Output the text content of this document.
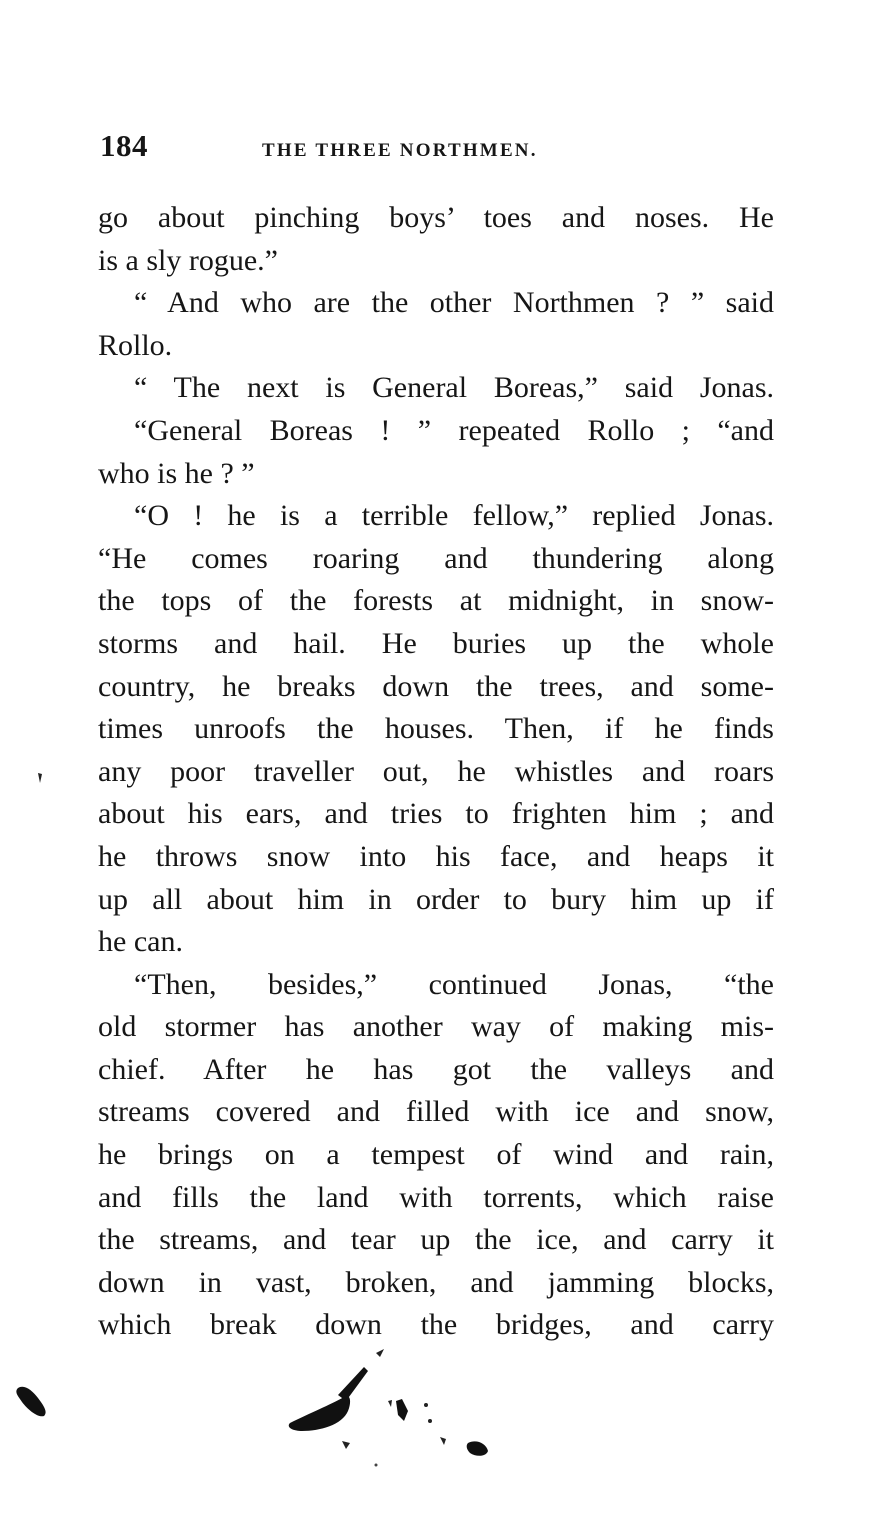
184	THE THREE NORTHMEN.
go about pinching boys’ toes and noses. He
is a sly rogue.”
“ And who are the other Northmen ? ” said
Rollo.
“ The next is General Boreas,” said Jonas.
“General Boreas ! ” repeated Rollo ; “and
who is he ? ”
“O ! he is a terrible fellow,” replied Jonas.
“He comes roaring and thundering along
the tops of the forests at midnight, in snow-
storms and hail. He buries up the whole
country, he breaks down the trees, and some-
times unroofs the houses. Then, if he finds
any poor traveller out, he whistles and roars
about his ears, and tries to frighten him ; and
he throws snow into his face, and heaps it
up all about him in order to bury him up if
he can.
“Then, besides,” continued Jonas, “the
old stormer has another way of making mis-
chief. After he has got the valleys and
streams covered and filled with ice and snow,
he brings on a tempest of wind and rain,
and fills the land with torrents, which raise
the streams, and tear up the ice, and carry it
down in vast, broken, and jamming blocks,
which break down the bridges, and carry
